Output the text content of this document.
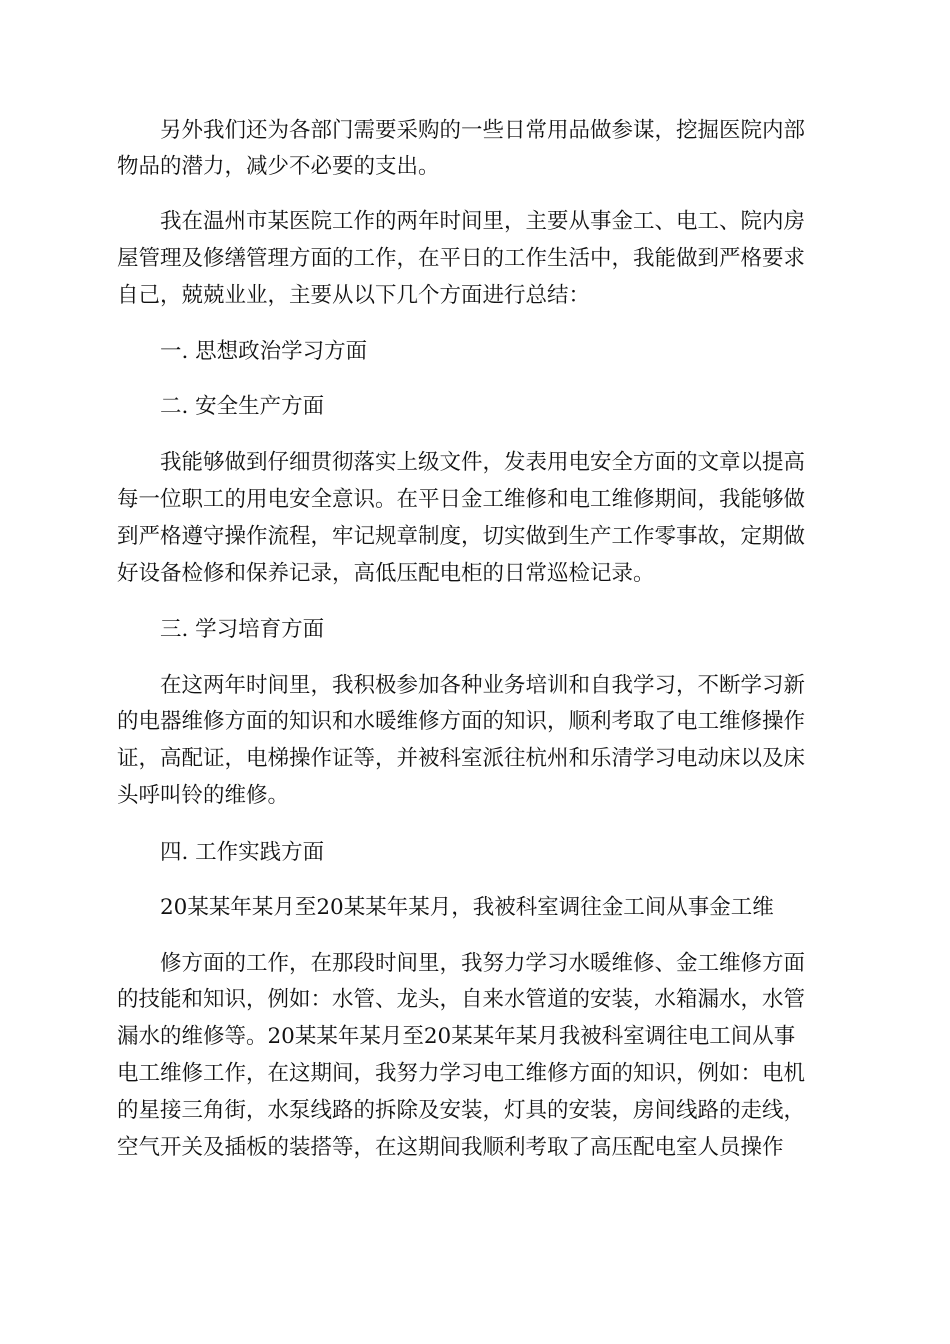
另外我们还为各部门需要采购的一些日常用品做参谋，挖掘医院内部
物品的潜力，减少不必要的支出。
我在温州市某医院工作的两年时间里，主要从事金工、电工、院内房
屋管理及修缮管理方面的工作，在平日的工作生活中，我能做到严格要求
自己，兢兢业业，主要从以下几个方面进行总结：
一. 思想政治学习方面
二. 安全生产方面
我能够做到仔细贯彻落实上级文件，发表用电安全方面的文章以提高
每一位职工的用电安全意识。在平日金工维修和电工维修期间，我能够做
到严格遵守操作流程，牢记规章制度，切实做到生产工作零事故，定期做
好设备检修和保养记录，高低压配电柜的日常巡检记录。
三. 学习培育方面
在这两年时间里，我积极参加各种业务培训和自我学习，不断学习新
的电器维修方面的知识和水暖维修方面的知识，顺利考取了电工维修操作
证，高配证，电梯操作证等，并被科室派往杭州和乐清学习电动床以及床
头呼叫铃的维修。
四. 工作实践方面
20某某年某月至20某某年某月，我被科室调往金工间从事金工维
修方面的工作，在那段时间里，我努力学习水暖维修、金工维修方面
的技能和知识，例如：水管、龙头，自来水管道的安装，水箱漏水，水管
漏水的维修等。20某某年某月至20某某年某月我被科室调往电工间从事
电工维修工作，在这期间，我努力学习电工维修方面的知识，例如：电机
的星接三角街，水泵线路的拆除及安装，灯具的安装，房间线路的走线，
空气开关及插板的装搭等，在这期间我顺利考取了高压配电室人员操作
